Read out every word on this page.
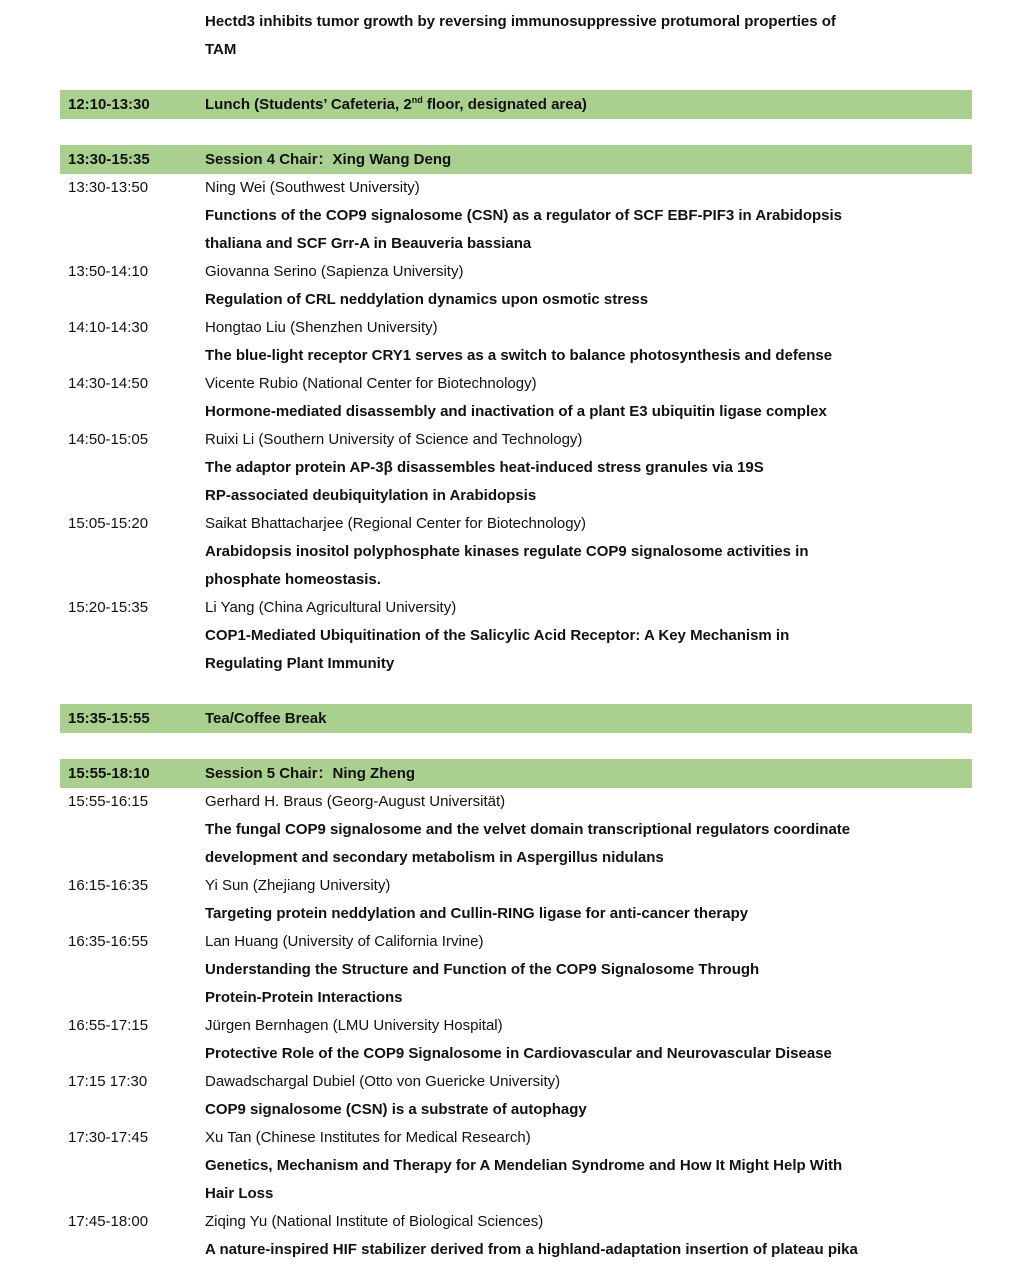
Hectd3 inhibits tumor growth by reversing immunosuppressive protumoral properties of
TAM
12:10-13:30	Lunch (Students’ Cafeteria, 2nd floor, designated area)
13:30-15:35	Session 4 Chair：Xing Wang Deng
13:30-13:50	Ning Wei (Southwest University)
Functions of the COP9 signalosome (CSN) as a regulator of SCF EBF-PIF3 in Arabidopsis
thaliana and SCF Grr-A in Beauveria bassiana
13:50-14:10	Giovanna Serino (Sapienza University)
Regulation of CRL neddylation dynamics upon osmotic stress
14:10-14:30	Hongtao Liu (Shenzhen University)
The blue-light receptor CRY1 serves as a switch to balance photosynthesis and defense
14:30-14:50	Vicente Rubio (National Center for Biotechnology)
Hormone-mediated disassembly and inactivation of a plant E3 ubiquitin ligase complex
14:50-15:05	Ruixi Li (Southern University of Science and Technology)
The adaptor protein AP-3β disassembles heat-induced stress granules via 19S
RP-associated deubiquitylation in Arabidopsis
15:05-15:20	Saikat Bhattacharjee (Regional Center for Biotechnology)
Arabidopsis inositol polyphosphate kinases regulate COP9 signalosome activities in
phosphate homeostasis.
15:20-15:35	Li Yang (China Agricultural University)
COP1-Mediated Ubiquitination of the Salicylic Acid Receptor: A Key Mechanism in
Regulating Plant Immunity
15:35-15:55	Tea/Coffee Break
15:55-18:10	Session 5 Chair：Ning Zheng
15:55-16:15	Gerhard H. Braus (Georg-August Universität)
The fungal COP9 signalosome and the velvet domain transcriptional regulators coordinate
development and secondary metabolism in Aspergillus nidulans
16:15-16:35	Yi Sun (Zhejiang University)
Targeting protein neddylation and Cullin-RING ligase for anti-cancer therapy
16:35-16:55	Lan Huang (University of California Irvine)
Understanding the Structure and Function of the COP9 Signalosome Through
Protein-Protein Interactions
16:55-17:15	Jürgen Bernhagen (LMU University Hospital)
Protective Role of the COP9 Signalosome in Cardiovascular and Neurovascular Disease
17:15 17:30	Dawadschargal Dubiel (Otto von Guericke University)
COP9 signalosome (CSN) is a substrate of autophagy
17:30-17:45	Xu Tan (Chinese Institutes for Medical Research)
Genetics, Mechanism and Therapy for A Mendelian Syndrome and How It Might Help With
Hair Loss
17:45-18:00	Ziqing Yu (National Institute of Biological Sciences)
A nature-inspired HIF stabilizer derived from a highland-adaptation insertion of plateau pika
